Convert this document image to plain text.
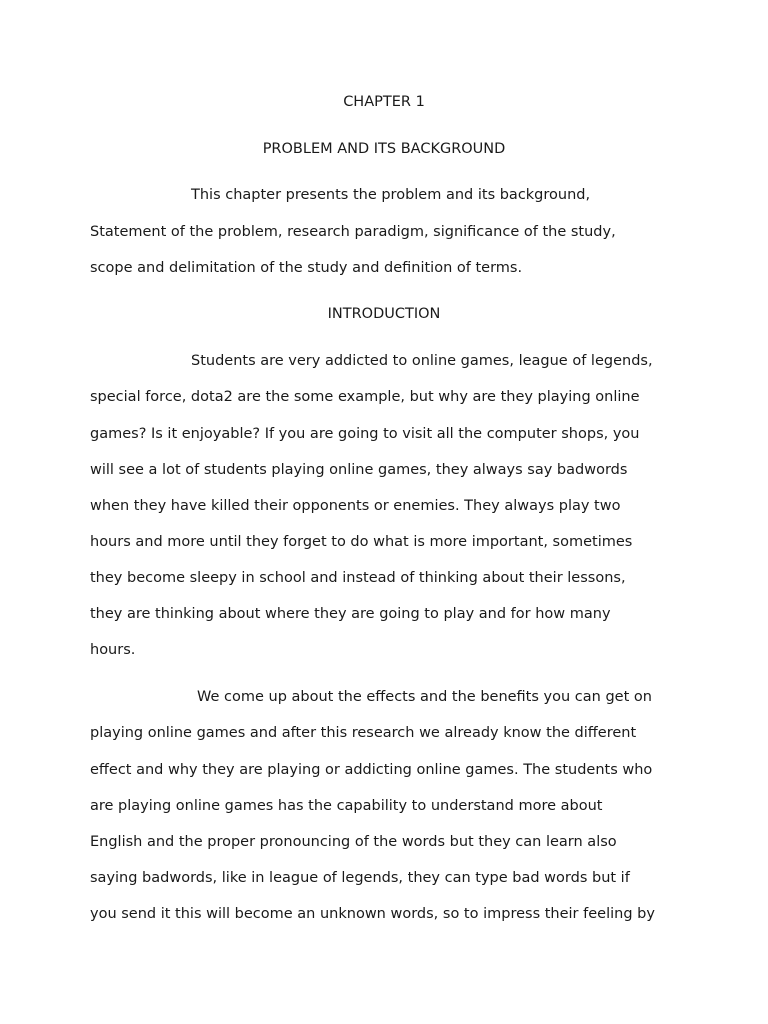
CHAPTER 1

PROBLEM AND ITS BACKGROUND

This chapter presents the problem and its background,

Statement of the problem, research paradigm, significance of the study,

scope and delimitation of the study and definition of terms.

INTRODUCTION

Students are very addicted to online games, league of legends,

special force, dota2 are the some example, but why are they playing online

games? Is it enjoyable? If you are going to visit all the computer shops, you

will see a lot of students playing online games, they always say badwords

when they have killed their opponents or enemies. They always play two

hours and more until they forget to do what is more important, sometimes

they become sleepy in school and instead of thinking about their lessons,

they are thinking about where they are going to play and for how many

hours.

We come up about the effects and the benefits you can get on

playing online games and after this research we already know the different

effect and why they are playing or addicting online games. The students who

are playing online games has the capability to understand more about

English and the proper pronouncing of the words but they can learn also

saying badwords, like in league of legends, they can type bad words but if

you send it this will become an unknown words, so to impress their feeling by
